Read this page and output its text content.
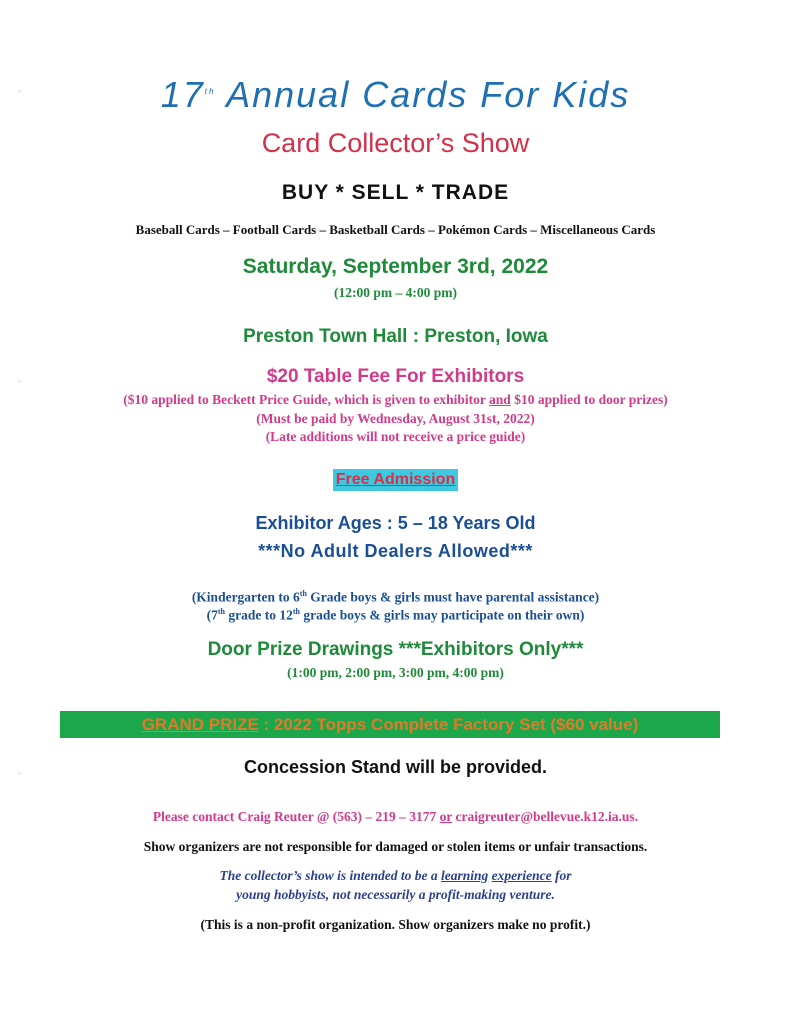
17th Annual Cards For Kids
Card Collector’s Show
BUY * SELL * TRADE
Baseball Cards – Football Cards – Basketball Cards – Pokémon Cards – Miscellaneous Cards
Saturday, September 3rd, 2022
(12:00 pm – 4:00 pm)
Preston Town Hall : Preston, Iowa
$20 Table Fee For Exhibitors
($10 applied to Beckett Price Guide, which is given to exhibitor and $10 applied to door prizes)
(Must be paid by Wednesday, August 31st, 2022)
(Late additions will not receive a price guide)
Free Admission
Exhibitor Ages : 5 – 18 Years Old
***No Adult Dealers Allowed***
(Kindergarten to 6th Grade boys & girls must have parental assistance)
(7th grade to 12th grade boys & girls may participate on their own)
Door Prize Drawings ***Exhibitors Only***
(1:00 pm, 2:00 pm, 3:00 pm, 4:00 pm)
GRAND PRIZE : 2022 Topps Complete Factory Set ($60 value)
Concession Stand will be provided.
Please contact Craig Reuter @ (563) – 219 – 3177 or craigreuter@bellevue.k12.ia.us.
Show organizers are not responsible for damaged or stolen items or unfair transactions.
The collector’s show is intended to be a learning experience for
young hobbyists, not necessarily a profit-making venture.
(This is a non-profit organization. Show organizers make no profit.)
